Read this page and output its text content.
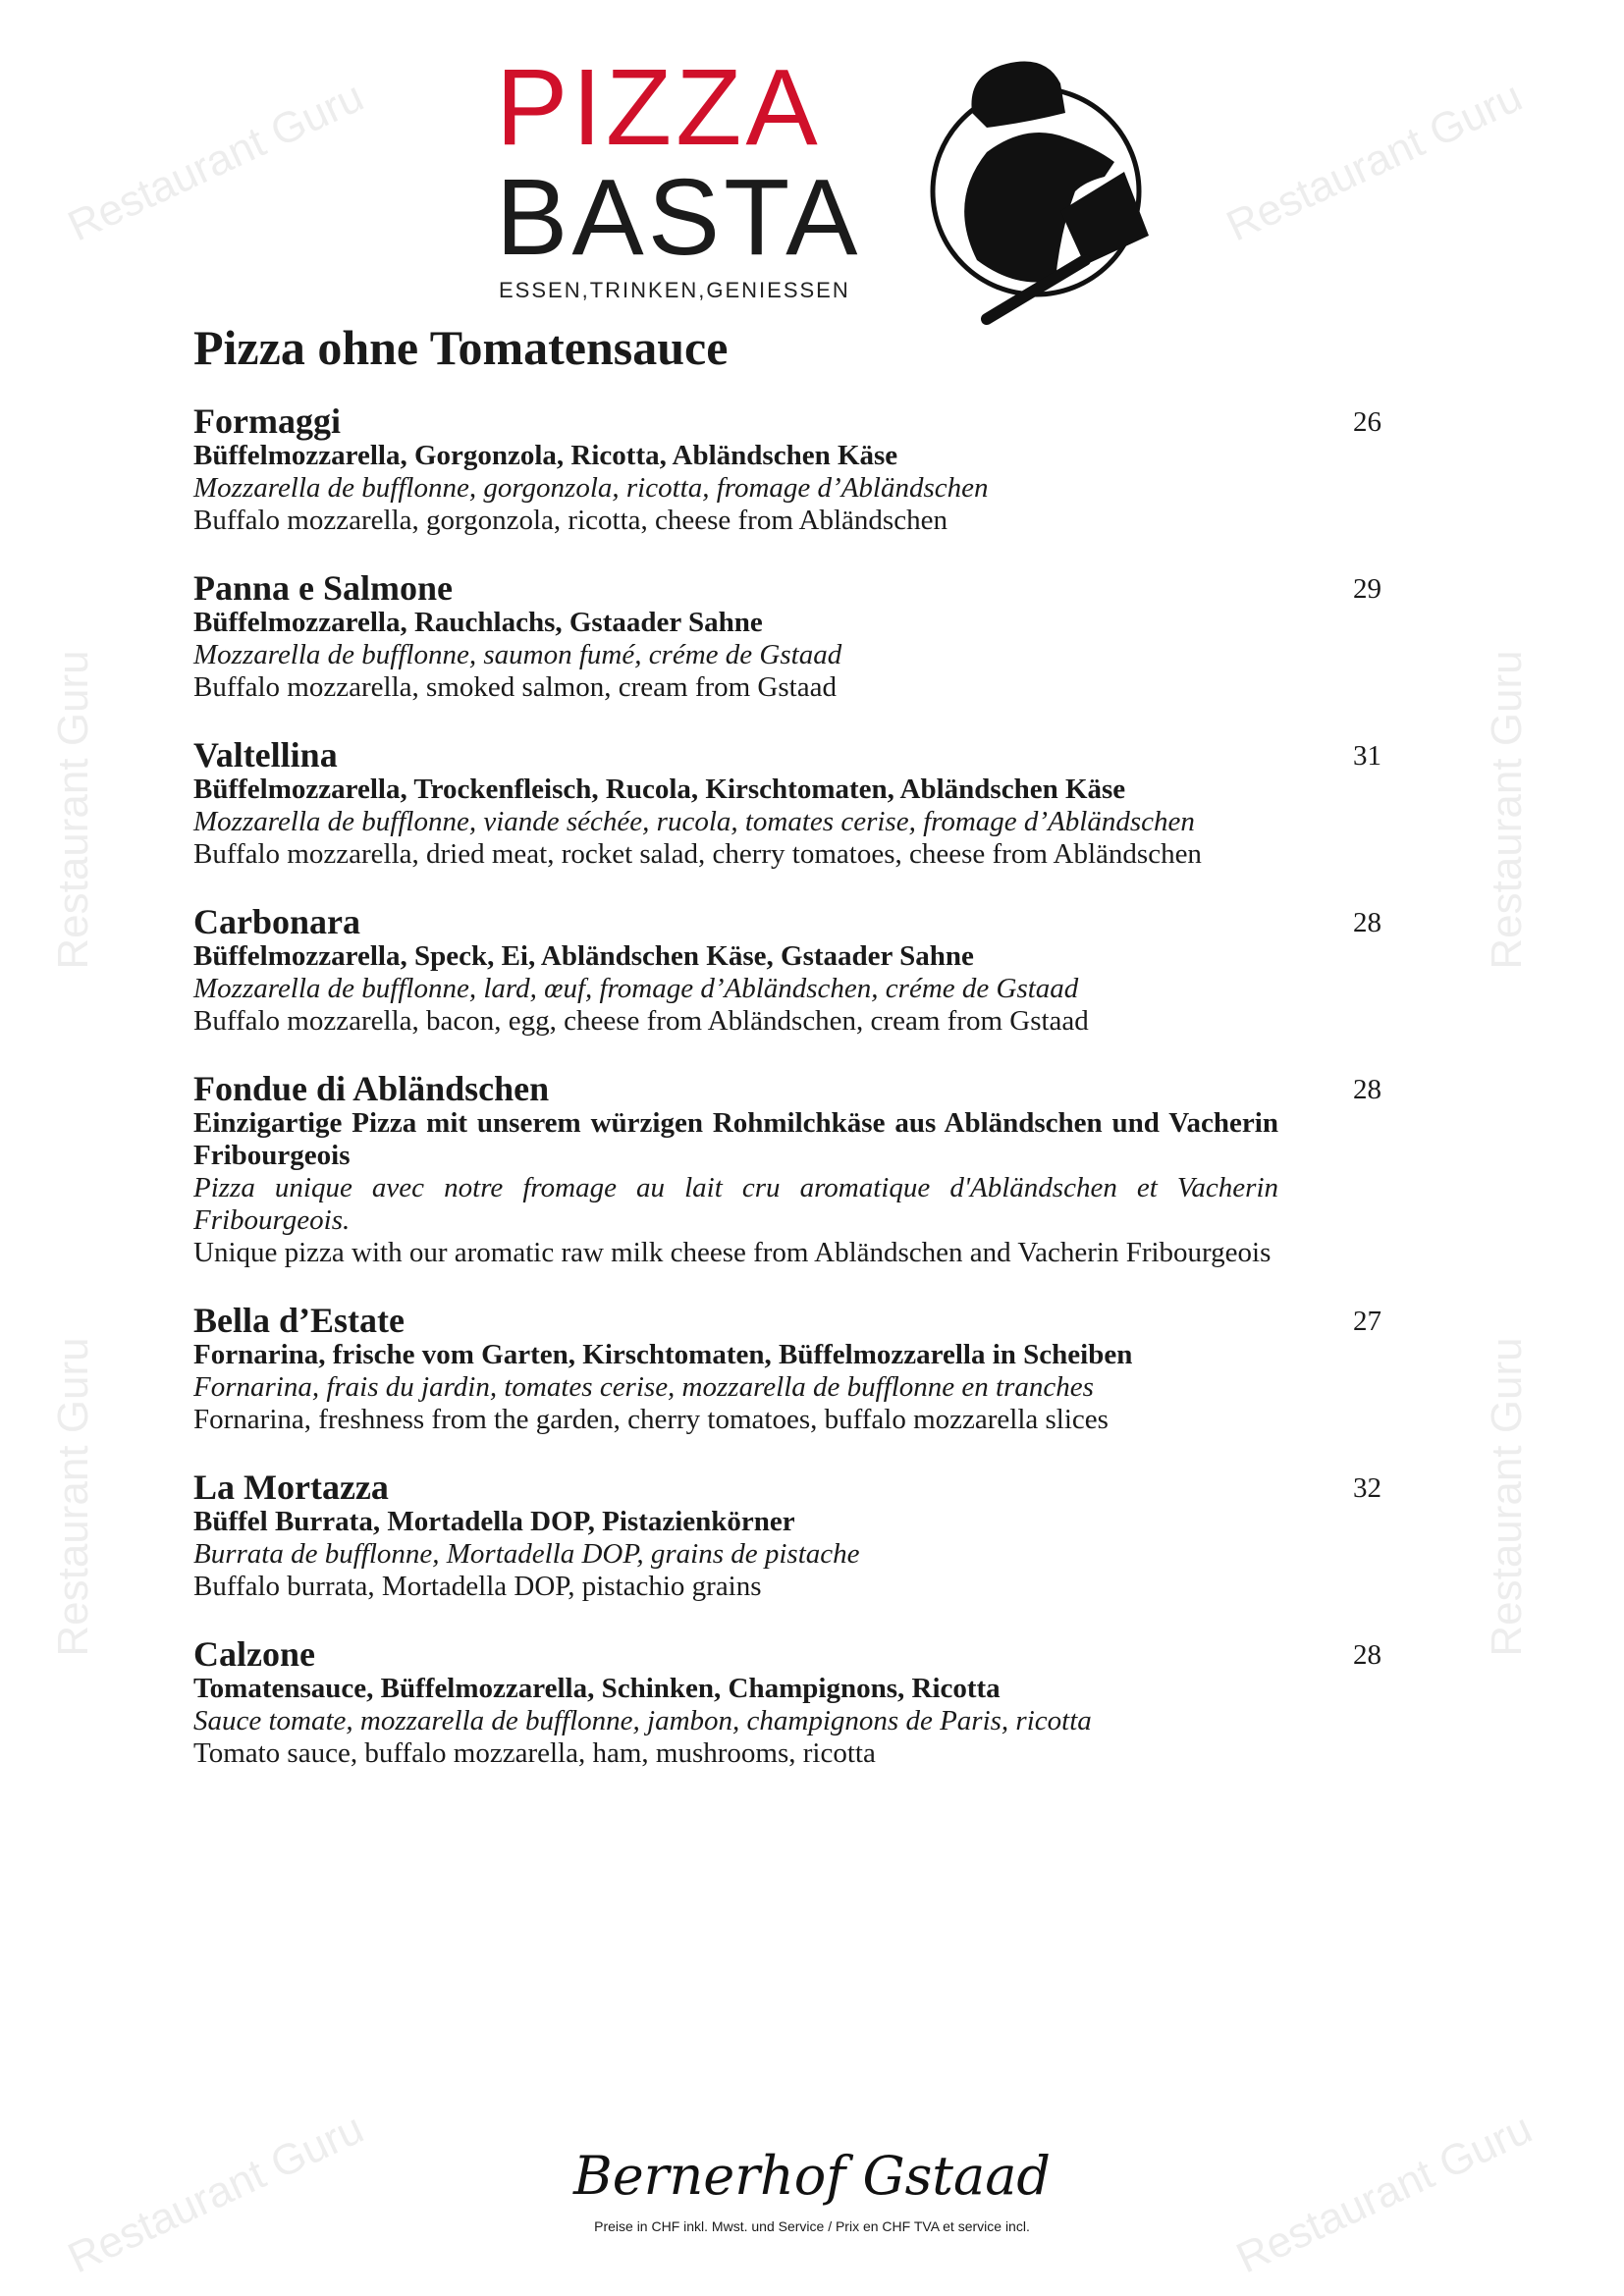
Restaurant Guru	Restaurant Guru
Restaurant Guru
Restaurant Guru
Restaurant Guru
Restaurant Guru
Restaurant Guru	Restaurant Guru
PIZZA
BASTA
ESSEN,TRINKEN,GENIESSEN
Pizza ohne Tomatensauce
Formaggi	26
Büffelmozzarella, Gorgonzola, Ricotta, Abländschen Käse
Mozzarella de bufflonne, gorgonzola, ricotta, fromage d’Abländschen
Buffalo mozzarella, gorgonzola, ricotta, cheese from Abländschen
Panna e Salmone	29
Büffelmozzarella, Rauchlachs, Gstaader Sahne
Mozzarella de bufflonne, saumon fumé, créme de Gstaad
Buffalo mozzarella, smoked salmon, cream from Gstaad
Valtellina	31
Büffelmozzarella, Trockenfleisch, Rucola, Kirschtomaten, Abländschen Käse
Mozzarella de bufflonne, viande séchée, rucola, tomates cerise, fromage d’Abländschen
Buffalo mozzarella, dried meat, rocket salad, cherry tomatoes, cheese from Abländschen
Carbonara	28
Büffelmozzarella, Speck, Ei, Abländschen Käse, Gstaader Sahne
Mozzarella de bufflonne, lard, œuf, fromage d’Abländschen, créme de Gstaad
Buffalo mozzarella, bacon, egg, cheese from Abländschen, cream from Gstaad
Fondue di Abländschen	28
Einzigartige Pizza mit unserem würzigen Rohmilchkäse aus Abländschen und Vacherin Fribourgeois
Pizza unique avec notre fromage au lait cru aromatique d'Abländschen et Vacherin Fribourgeois.
Unique pizza with our aromatic raw milk cheese from Abländschen and Vacherin Fribourgeois
Bella d’Estate	27
Fornarina, frische vom Garten, Kirschtomaten, Büffelmozzarella in Scheiben
Fornarina, frais du jardin, tomates cerise, mozzarella de bufflonne en tranches
Fornarina, freshness from the garden, cherry tomatoes, buffalo mozzarella slices
La Mortazza	32
Büffel Burrata, Mortadella DOP, Pistazienkörner
Burrata de bufflonne, Mortadella DOP, grains de pistache
Buffalo burrata, Mortadella DOP, pistachio grains
Calzone	28
Tomatensauce, Büffelmozzarella, Schinken, Champignons, Ricotta
Sauce tomate, mozzarella de bufflonne, jambon, champignons de Paris, ricotta
Tomato sauce, buffalo mozzarella, ham, mushrooms, ricotta
Bernerhof Gstaad
Preise in CHF inkl. Mwst. und Service / Prix en CHF TVA et service incl.
